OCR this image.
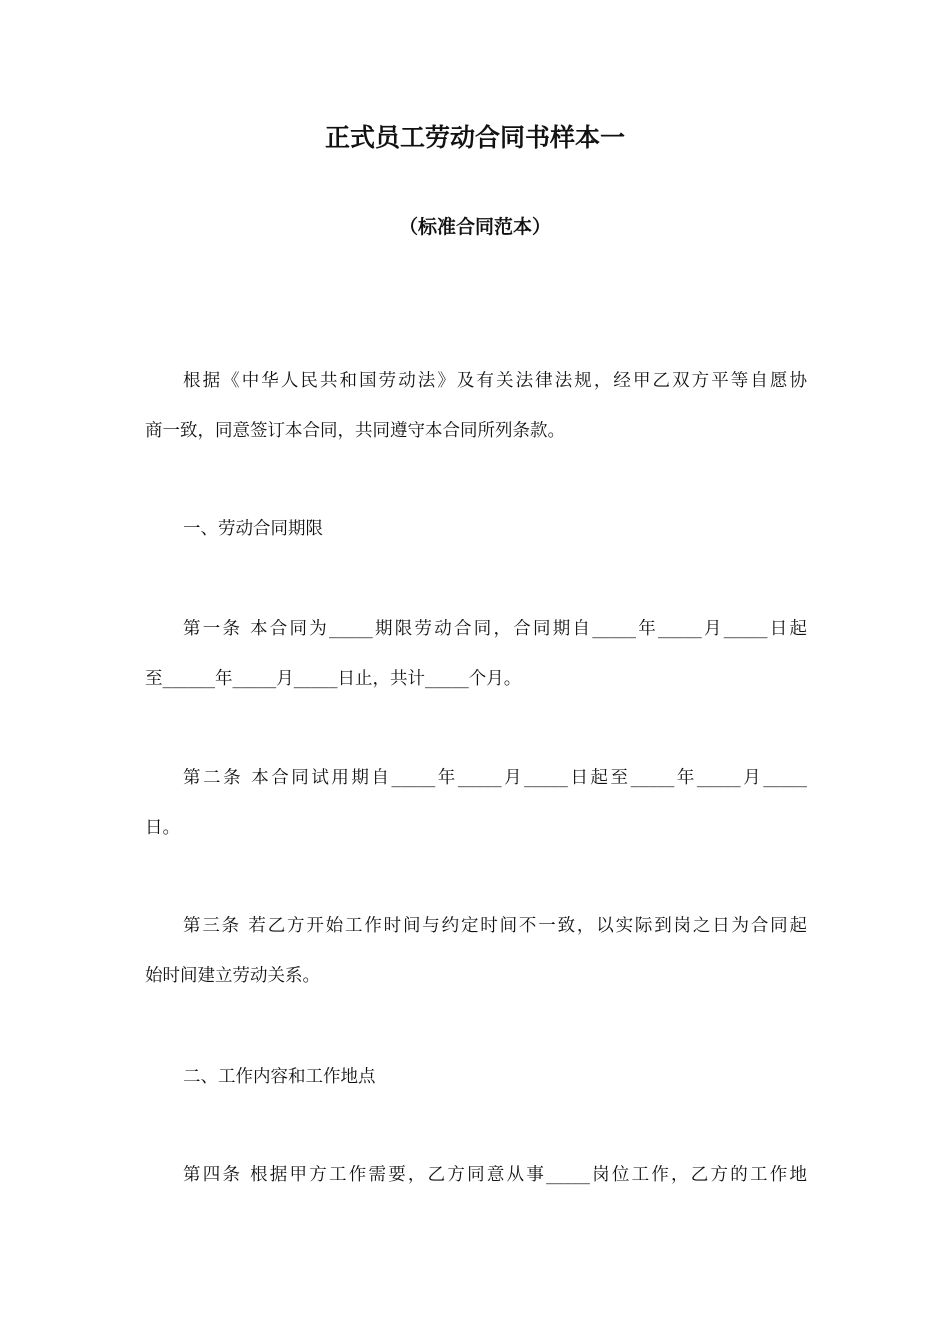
正式员工劳动合同书样本一
（标准合同范本）
根据《中华人民共和国劳动法》及有关法律法规，经甲乙双方平等自愿协
商一致，同意签订本合同，共同遵守本合同所列条款。
一、劳动合同期限
第一条 本合同为_____期限劳动合同，合同期自_____年_____月_____日起
至______年_____月_____日止，共计_____个月。
第二条 本合同试用期自_____年_____月_____日起至_____年_____月_____
日。
第三条 若乙方开始工作时间与约定时间不一致，以实际到岗之日为合同起
始时间建立劳动关系。
二、工作内容和工作地点
第四条 根据甲方工作需要，乙方同意从事_____岗位工作，乙方的工作地
